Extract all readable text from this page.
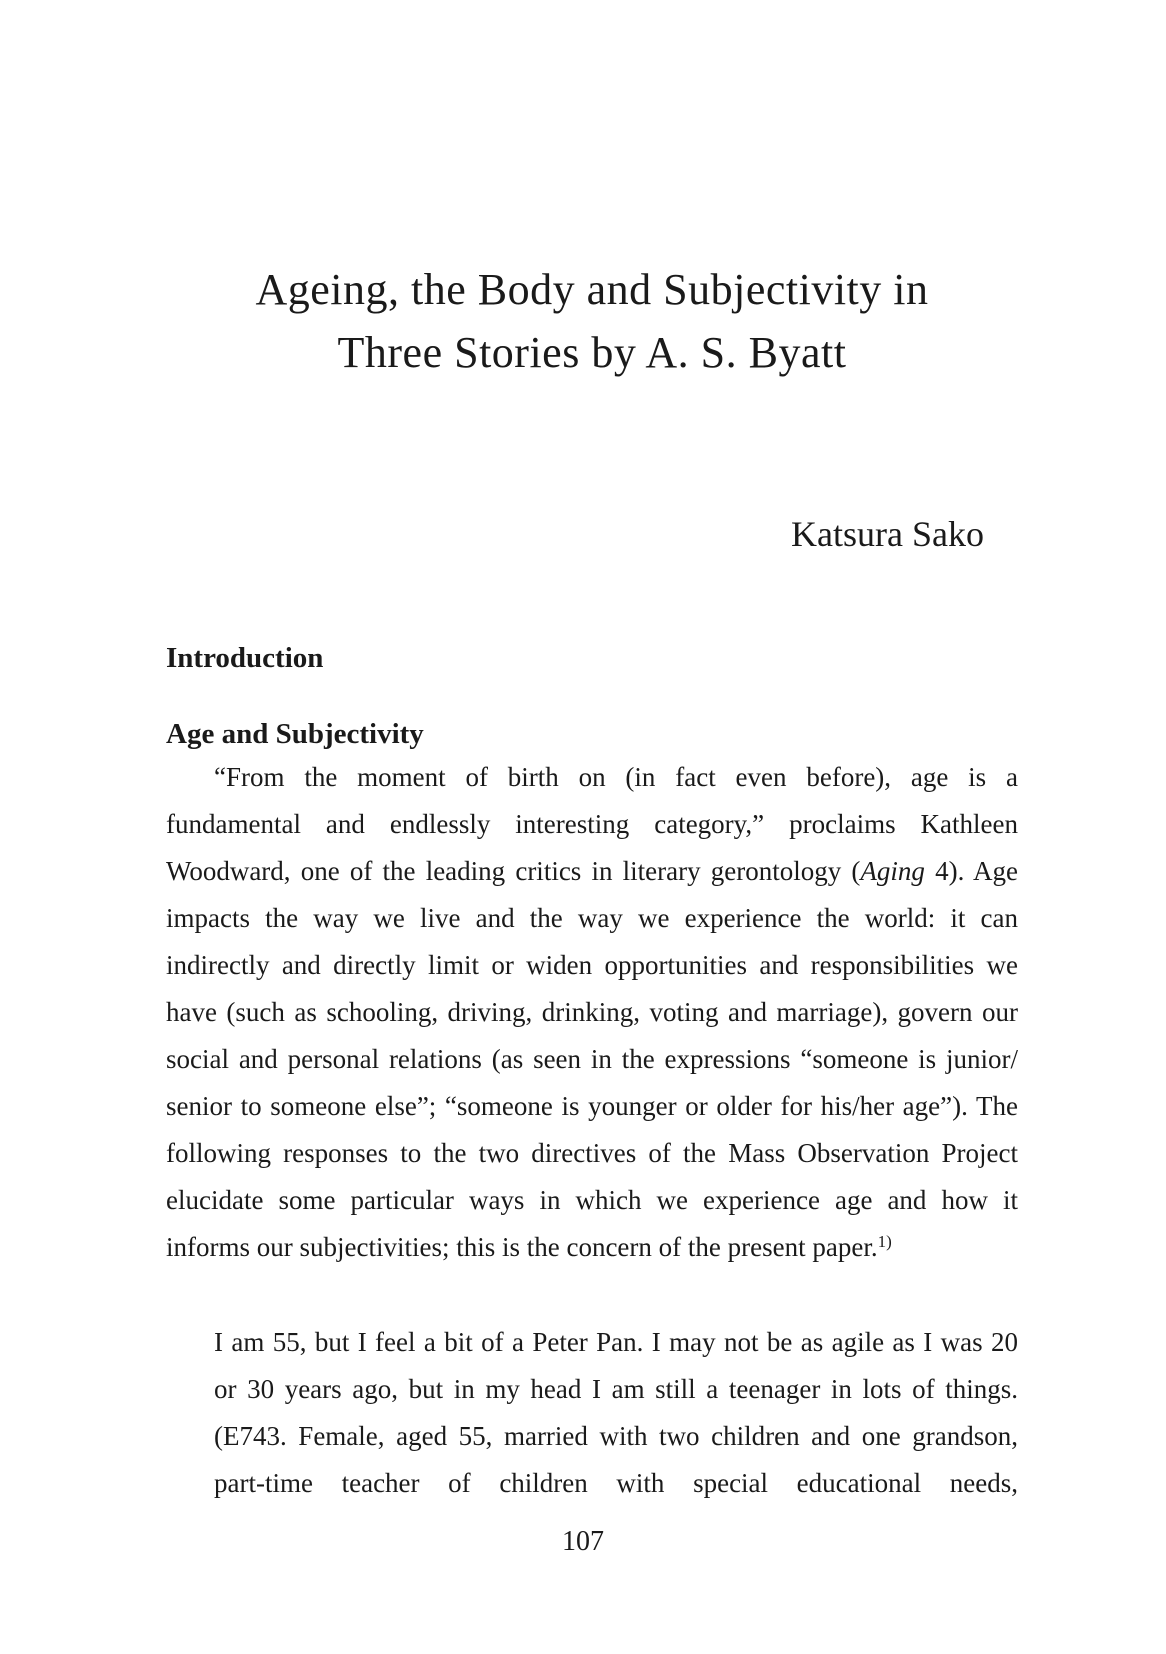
Ageing, the Body and Subjectivity in
Three Stories by A. S. Byatt
Katsura Sako
Introduction
Age and Subjectivity
“From the moment of birth on (in fact even before), age is a
fundamental and endlessly interesting category,” proclaims Kathleen
Woodward, one of the leading critics in literary gerontology (Aging 4). Age
impacts the way we live and the way we experience the world: it can
indirectly and directly limit or widen opportunities and responsibilities we
have (such as schooling, driving, drinking, voting and marriage), govern our
social and personal relations (as seen in the expressions “someone is junior/
senior to someone else”; “someone is younger or older for his/her age”). The
following responses to the two directives of the Mass Observation Project
elucidate some particular ways in which we experience age and how it
informs our subjectivities; this is the concern of the present paper.$^{1)}$
I am 55, but I feel a bit of a Peter Pan. I may not be as agile as I was 20
or 30 years ago, but in my head I am still a teenager in lots of things.
(E743. Female, aged 55, married with two children and one grandson,
part-time teacher of children with special educational needs,
107
